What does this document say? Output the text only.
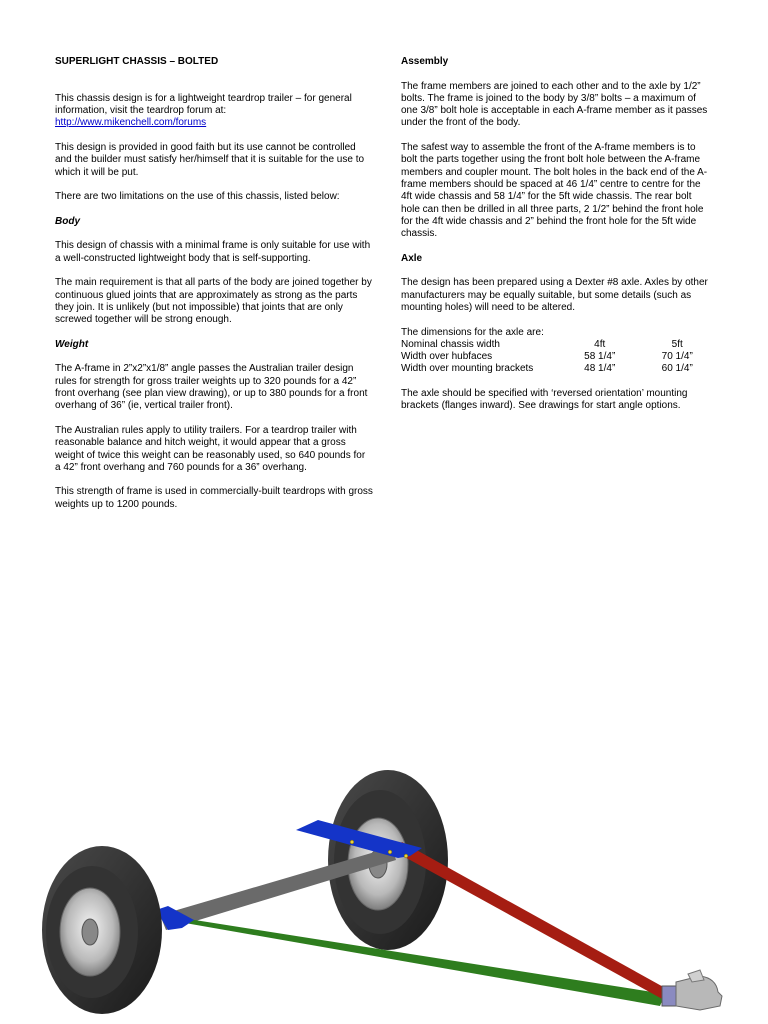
SUPERLIGHT CHASSIS – BOLTED

This chassis design is for a lightweight teardrop trailer – for general information, visit the teardrop forum at:
http://www.mikenchell.com/forums

This design is provided in good faith but its use cannot be controlled and the builder must satisfy her/himself that it is suitable for the use to which it will be put.

There are two limitations on the use of this chassis, listed below:

Body

This design of chassis with a minimal frame is only suitable for use with a well-constructed lightweight body that is self-supporting.

The main requirement is that all parts of the body are joined together by continuous glued joints that are approximately as strong as the parts they join. It is unlikely (but not impossible) that joints that are only screwed together will be strong enough.

Weight

The A-frame in 2”x2”x1/8” angle passes the Australian trailer design rules for strength for gross trailer weights up to 320 pounds for a 42” front overhang (see plan view drawing), or up to 380 pounds for a front overhang of 36” (ie, vertical trailer front).

The Australian rules apply to utility trailers. For a teardrop trailer with reasonable balance and hitch weight, it would appear that a gross weight of twice this weight can be reasonably used, so 640 pounds for a 42” front overhang and 760 pounds for a 36” overhang.

This strength of frame is used in commercially-built teardrops with gross weights up to 1200 pounds.

Assembly

The frame members are joined to each other and to the axle by 1/2” bolts. The frame is joined to the body by 3/8” bolts – a maximum of one 3/8” bolt hole is acceptable in each A-frame member as it passes under the front of the body.

The safest way to assemble the front of the A-frame members is to bolt the parts together using the front bolt hole between the A-frame members and coupler mount. The bolt holes in the back end of the A-frame members should be spaced at 46 1/4” centre to centre for the 4ft wide chassis and 58 1/4” for the 5ft wide chassis. The rear bolt hole can then be drilled in all three parts, 2 1/2” behind the front hole for the 4ft wide chassis and 2” behind the front hole for the 5ft wide chassis.

Axle

The design has been prepared using a Dexter #8 axle. Axles by other manufacturers may be equally suitable, but some details (such as mounting holes) will need to be altered.

The dimensions for the axle are:
Nominal chassis width	4ft	5ft
Width over hubfaces	58 1/4”	70 1/4”
Width over mounting brackets	48 1/4”	60 1/4”

The axle should be specified with ‘reversed orientation’ mounting brackets (flanges inward). See drawings for start angle options.
